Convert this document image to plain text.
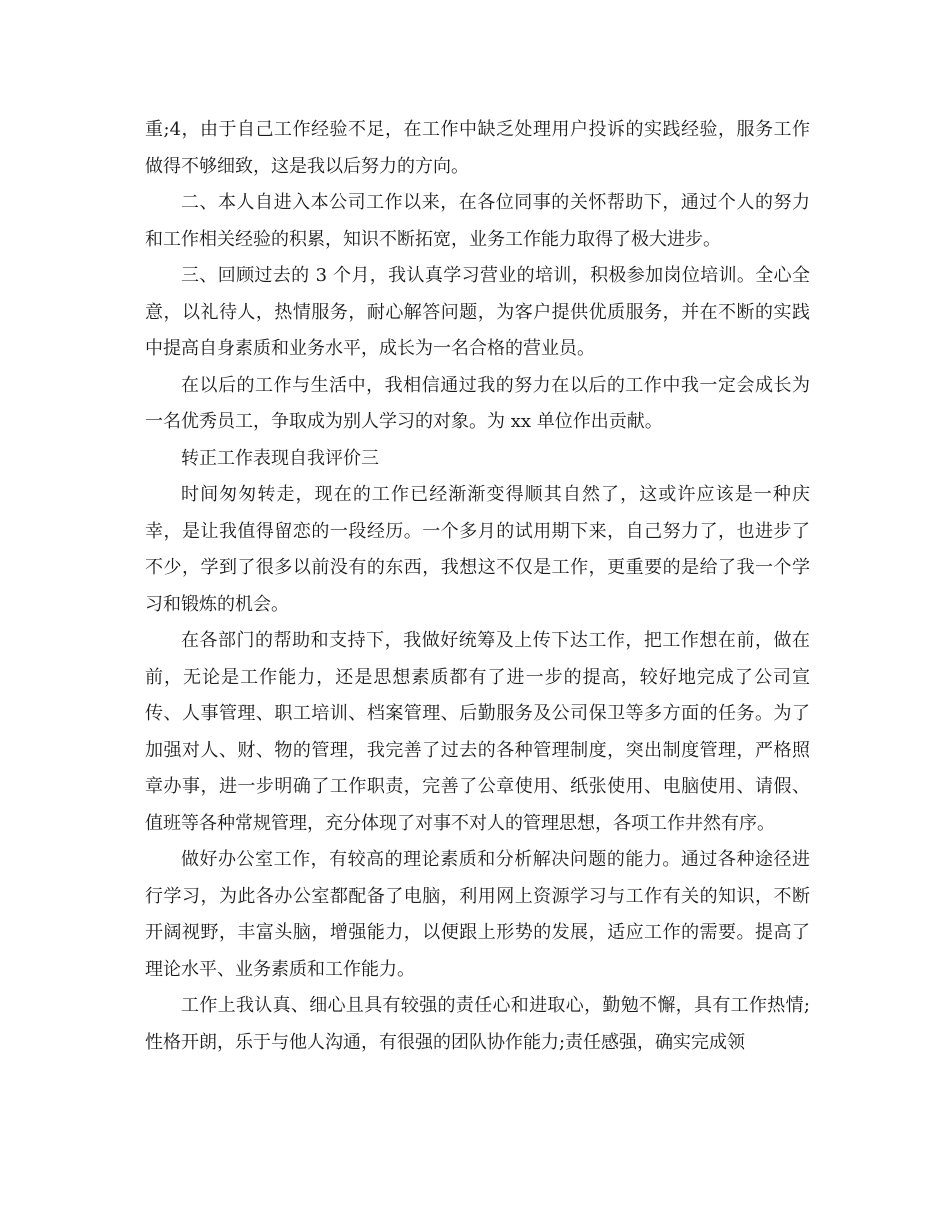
重;4，由于自己工作经验不足，在工作中缺乏处理用户投诉的实践经验，服务工作做得不够细致，这是我以后努力的方向。

二、本人自进入本公司工作以来，在各位同事的关怀帮助下，通过个人的努力和工作相关经验的积累，知识不断拓宽，业务工作能力取得了极大进步。

三、回顾过去的 3 个月，我认真学习营业的培训，积极参加岗位培训。全心全意，以礼待人，热情服务，耐心解答问题，为客户提供优质服务，并在不断的实践中提高自身素质和业务水平，成长为一名合格的营业员。

在以后的工作与生活中，我相信通过我的努力在以后的工作中我一定会成长为一名优秀员工，争取成为别人学习的对象。为 xx 单位作出贡献。

转正工作表现自我评价三

时间匆匆转走，现在的工作已经渐渐变得顺其自然了，这或许应该是一种庆幸，是让我值得留恋的一段经历。一个多月的试用期下来，自己努力了，也进步了不少，学到了很多以前没有的东西，我想这不仅是工作，更重要的是给了我一个学习和锻炼的机会。

在各部门的帮助和支持下，我做好统筹及上传下达工作，把工作想在前，做在前，无论是工作能力，还是思想素质都有了进一步的提高，较好地完成了公司宣传、人事管理、职工培训、档案管理、后勤服务及公司保卫等多方面的任务。为了加强对人、财、物的管理，我完善了过去的各种管理制度，突出制度管理，严格照章办事，进一步明确了工作职责，完善了公章使用、纸张使用、电脑使用、请假、值班等各种常规管理，充分体现了对事不对人的管理思想，各项工作井然有序。

做好办公室工作，有较高的理论素质和分析解决问题的能力。通过各种途径进行学习，为此各办公室都配备了电脑，利用网上资源学习与工作有关的知识，不断开阔视野，丰富头脑，增强能力，以便跟上形势的发展，适应工作的需要。提高了理论水平、业务素质和工作能力。

工作上我认真、细心且具有较强的责任心和进取心，勤勉不懈，具有工作热情;性格开朗，乐于与他人沟通，有很强的团队协作能力;责任感强，确实完成领
